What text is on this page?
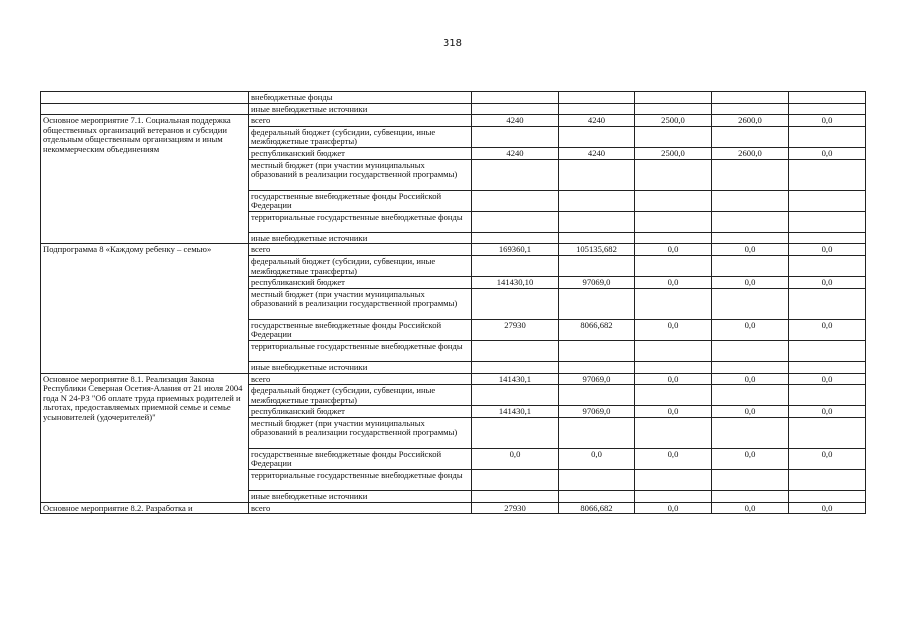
318
	внебюджетные фонды					
	иные внебюджетные источники					
Основное мероприятие 7.1. Социальная поддержка общественных организаций ветеранов и субсидии отдельным общественным организациям и иным некоммерческим объединениям	всего	4240	4240	2500,0	2600,0	0,0
	федеральный бюджет (субсидии, субвенции, иные межбюджетные трансферты)					
	республиканский бюджет	4240	4240	2500,0	2600,0	0,0
	местный бюджет (при участии муниципальных образований в реализации государственной программы)					
	государственные внебюджетные фонды Российской Федерации					
	территориальные государственные внебюджетные фонды					
	иные внебюджетные источники					
Подпрограмма 8 «Каждому ребенку – семью»	всего	169360,1	105135,682	0,0	0,0	0,0
	федеральный бюджет (субсидии, субвенции, иные межбюджетные трансферты)					
	республиканский бюджет	141430,10	97069,0	0,0	0,0	0,0
	местный бюджет (при участии муниципальных образований в реализации государственной программы)					
	государственные внебюджетные фонды Российской Федерации	27930	8066,682	0,0	0,0	0,0
	территориальные государственные внебюджетные фонды					
	иные внебюджетные источники					
Основное мероприятие 8.1. Реализация Закона Республики Северная Осетия-Алания от 21 июля 2004 года N 24-РЗ "Об оплате труда приемных родителей и льготах, предоставляемых приемной семье и семье усыновителей (удочерителей)"	всего	141430,1	97069,0	0,0	0,0	0,0
	федеральный бюджет (субсидии, субвенции, иные межбюджетные трансферты)					
	республиканский бюджет	141430,1	97069,0	0,0	0,0	0,0
	местный бюджет (при участии муниципальных образований в реализации государственной программы)					
	государственные внебюджетные фонды Российской Федерации	0,0	0,0	0,0	0,0	0,0
	территориальные государственные внебюджетные фонды					
	иные внебюджетные источники					
Основное мероприятие 8.2. Разработка и	всего	27930	8066,682	0,0	0,0	0,0
